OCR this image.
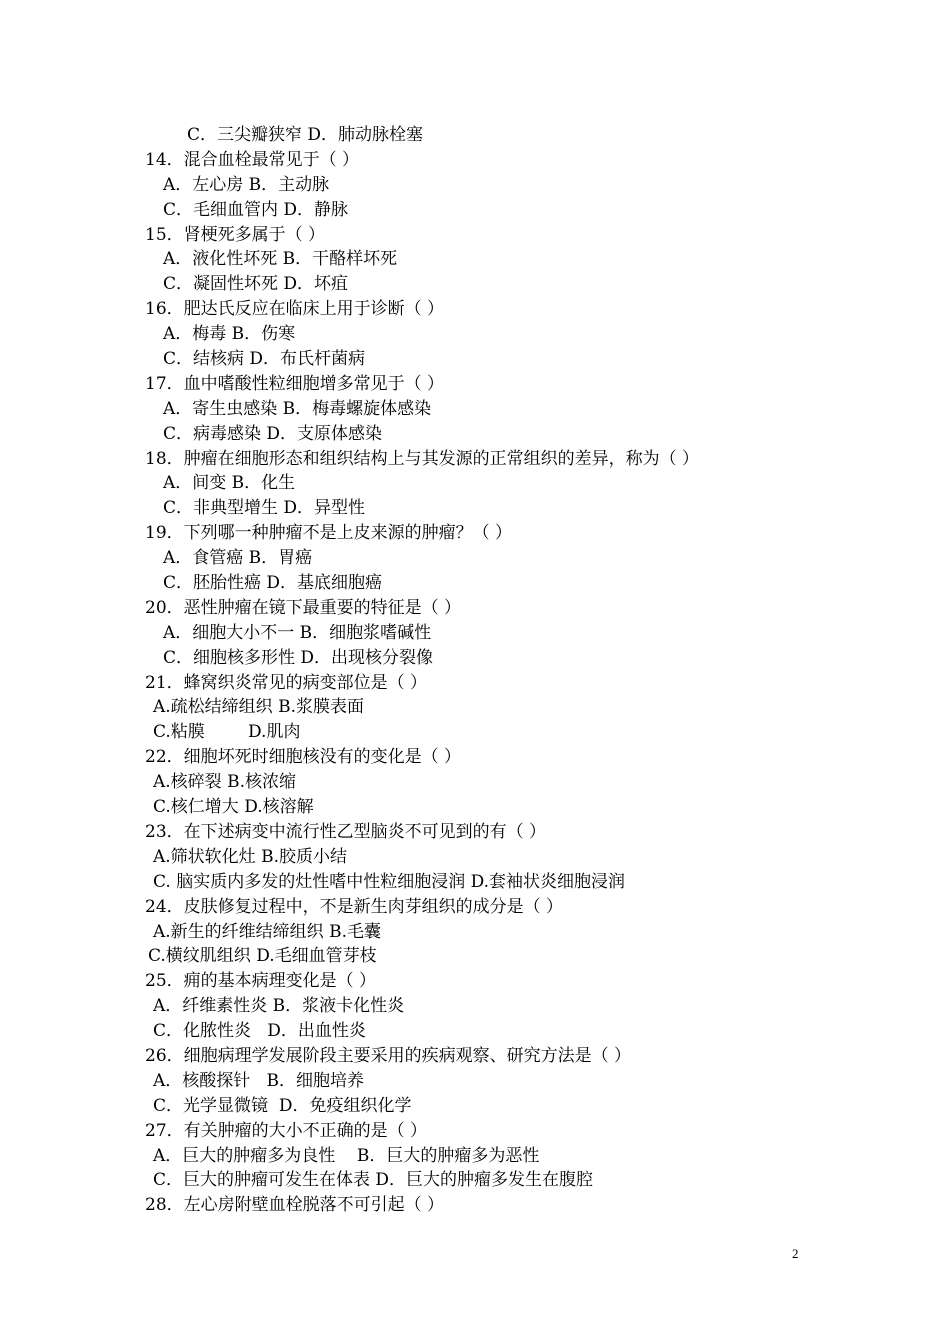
C．三尖瓣狭窄 D．肺动脉栓塞
14．混合血栓最常见于（ ）
A．左心房 B．主动脉
C．毛细血管内 D．静脉
15．肾梗死多属于（ ）
A．液化性坏死 B．干酪样坏死
C．凝固性坏死 D．坏疽
16．肥达氏反应在临床上用于诊断（ ）
A．梅毒 B．伤寒
C．结核病 D．布氏杆菌病
17．血中嗜酸性粒细胞增多常见于（ ）
A．寄生虫感染 B．梅毒螺旋体感染
C．病毒感染 D．支原体感染
18．肿瘤在细胞形态和组织结构上与其发源的正常组织的差异，称为（ ）
A．间变 B．化生
C．非典型增生 D．异型性
19．下列哪一种肿瘤不是上皮来源的肿瘤？（ ）
A．食管癌 B．胃癌
C．胚胎性癌 D．基底细胞癌
20．恶性肿瘤在镜下最重要的特征是（ ）
A．细胞大小不一 B．细胞浆嗜碱性
C．细胞核多形性 D．出现核分裂像
21．蜂窝织炎常见的病变部位是（ ）
A.疏松结缔组织 B.浆膜表面
C.粘膜        D.肌肉
22．细胞坏死时细胞核没有的变化是（ ）
A.核碎裂 B.核浓缩
C.核仁增大 D.核溶解
23．在下述病变中流行性乙型脑炎不可见到的有（ ）
A.筛状软化灶 B.胶质小结
C. 脑实质内多发的灶性嗜中性粒细胞浸润 D.套袖状炎细胞浸润
24．皮肤修复过程中，不是新生肉芽组织的成分是（ ）
A.新生的纤维结缔组织 B.毛囊
C.横纹肌组织 D.毛细血管芽枝
25．痈的基本病理变化是（ ）
A．纤维素性炎 B．浆液卡化性炎
C．化脓性炎   D．出血性炎
26．细胞病理学发展阶段主要采用的疾病观察、研究方法是（ ）
A．核酸探针   B．细胞培养
C．光学显微镜  D．免疫组织化学
27．有关肿瘤的大小不正确的是（ ）
A．巨大的肿瘤多为良性    B．巨大的肿瘤多为恶性
C．巨大的肿瘤可发生在体表 D．巨大的肿瘤多发生在腹腔
28．左心房附壁血栓脱落不可引起（ ）
2
